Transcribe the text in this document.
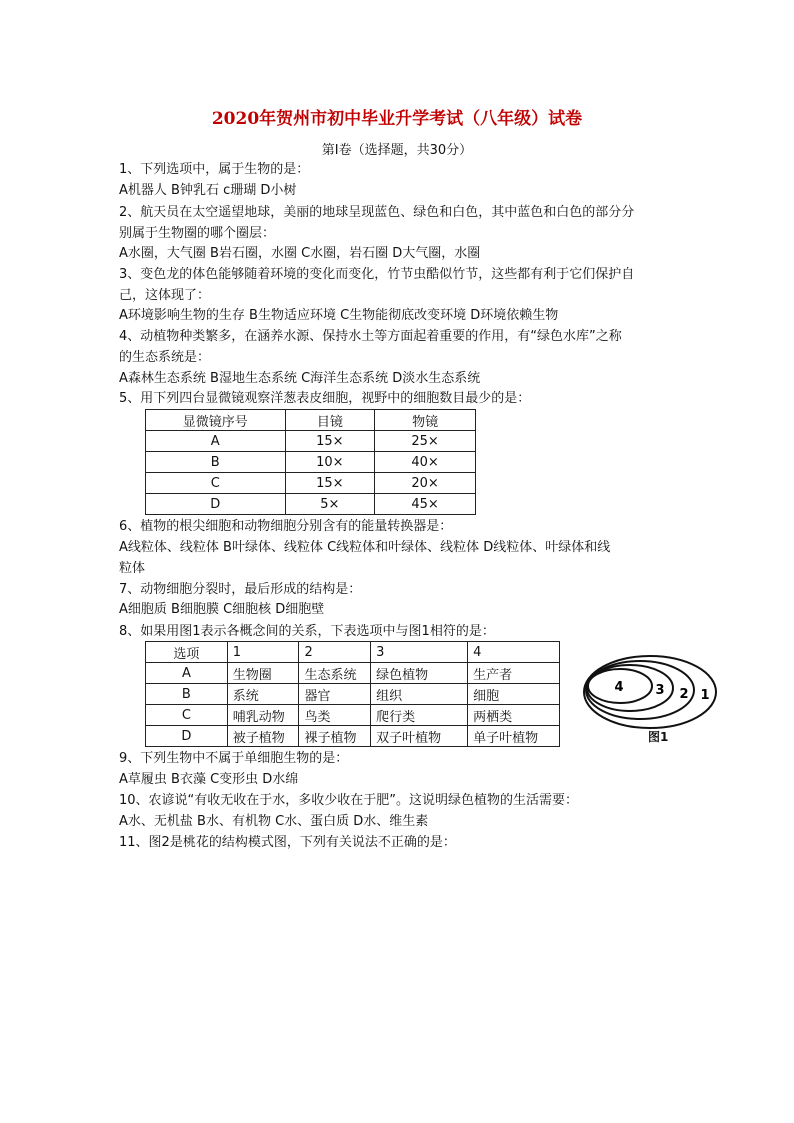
2020年贺州市初中毕业升学考试（八年级）试卷
第Ⅰ卷（选择题，共30分）
1、下列选项中，属于生物的是：
A机器人 B钟乳石 c珊瑚 D小树
2、航天员在太空遥望地球，美丽的地球呈现蓝色、绿色和白色，其中蓝色和白色的部分分
别属于生物圈的哪个圈层：
A水圈，大气圈 B岩石圈，水圈 C水圈，岩石圈 D大气圈，水圈
3、变色龙的体色能够随着环境的变化而变化，竹节虫酷似竹节，这些都有利于它们保护自
己，这体现了：
A环境影响生物的生存 B生物适应环境 C生物能彻底改变环境 D环境依赖生物
4、动植物种类繁多，在涵养水源、保持水土等方面起着重要的作用，有“绿色水库”之称
的生态系统是：
A森林生态系统 B湿地生态系统 C海洋生态系统 D淡水生态系统
5、用下列四台显微镜观察洋葱表皮细胞，视野中的细胞数目最少的是：
显微镜序号	目镜	物镜
A	15×	25×
B	10×	40×
C	15×	20×
D	5×	45×
6、植物的根尖细胞和动物细胞分别含有的能量转换器是：
A线粒体、线粒体 B叶绿体、线粒体 C线粒体和叶绿体、线粒体 D线粒体、叶绿体和线
粒体
7、动物细胞分裂时，最后形成的结构是：
A细胞质 B细胞膜 C细胞核 D细胞壁
8、如果用图1表示各概念间的关系，下表选项中与图1相符的是：
选项	1	2	3	4
A	生物圈	生态系统	绿色植物	生产者
B	系统	器官	组织	细胞
C	哺乳动物	鸟类	爬行类	两栖类
D	被子植物	裸子植物	双子叶植物	单子叶植物
4 3 2 1
图1
9、下列生物中不属于单细胞生物的是：
A草履虫 B衣藻 C变形虫 D水绵
10、农谚说“有收无收在于水，多收少收在于肥”。这说明绿色植物的生活需要：
A水、无机盐 B水、有机物 C水、蛋白质 D水、维生素
11、图2是桃花的结构模式图，下列有关说法不正确的是：
